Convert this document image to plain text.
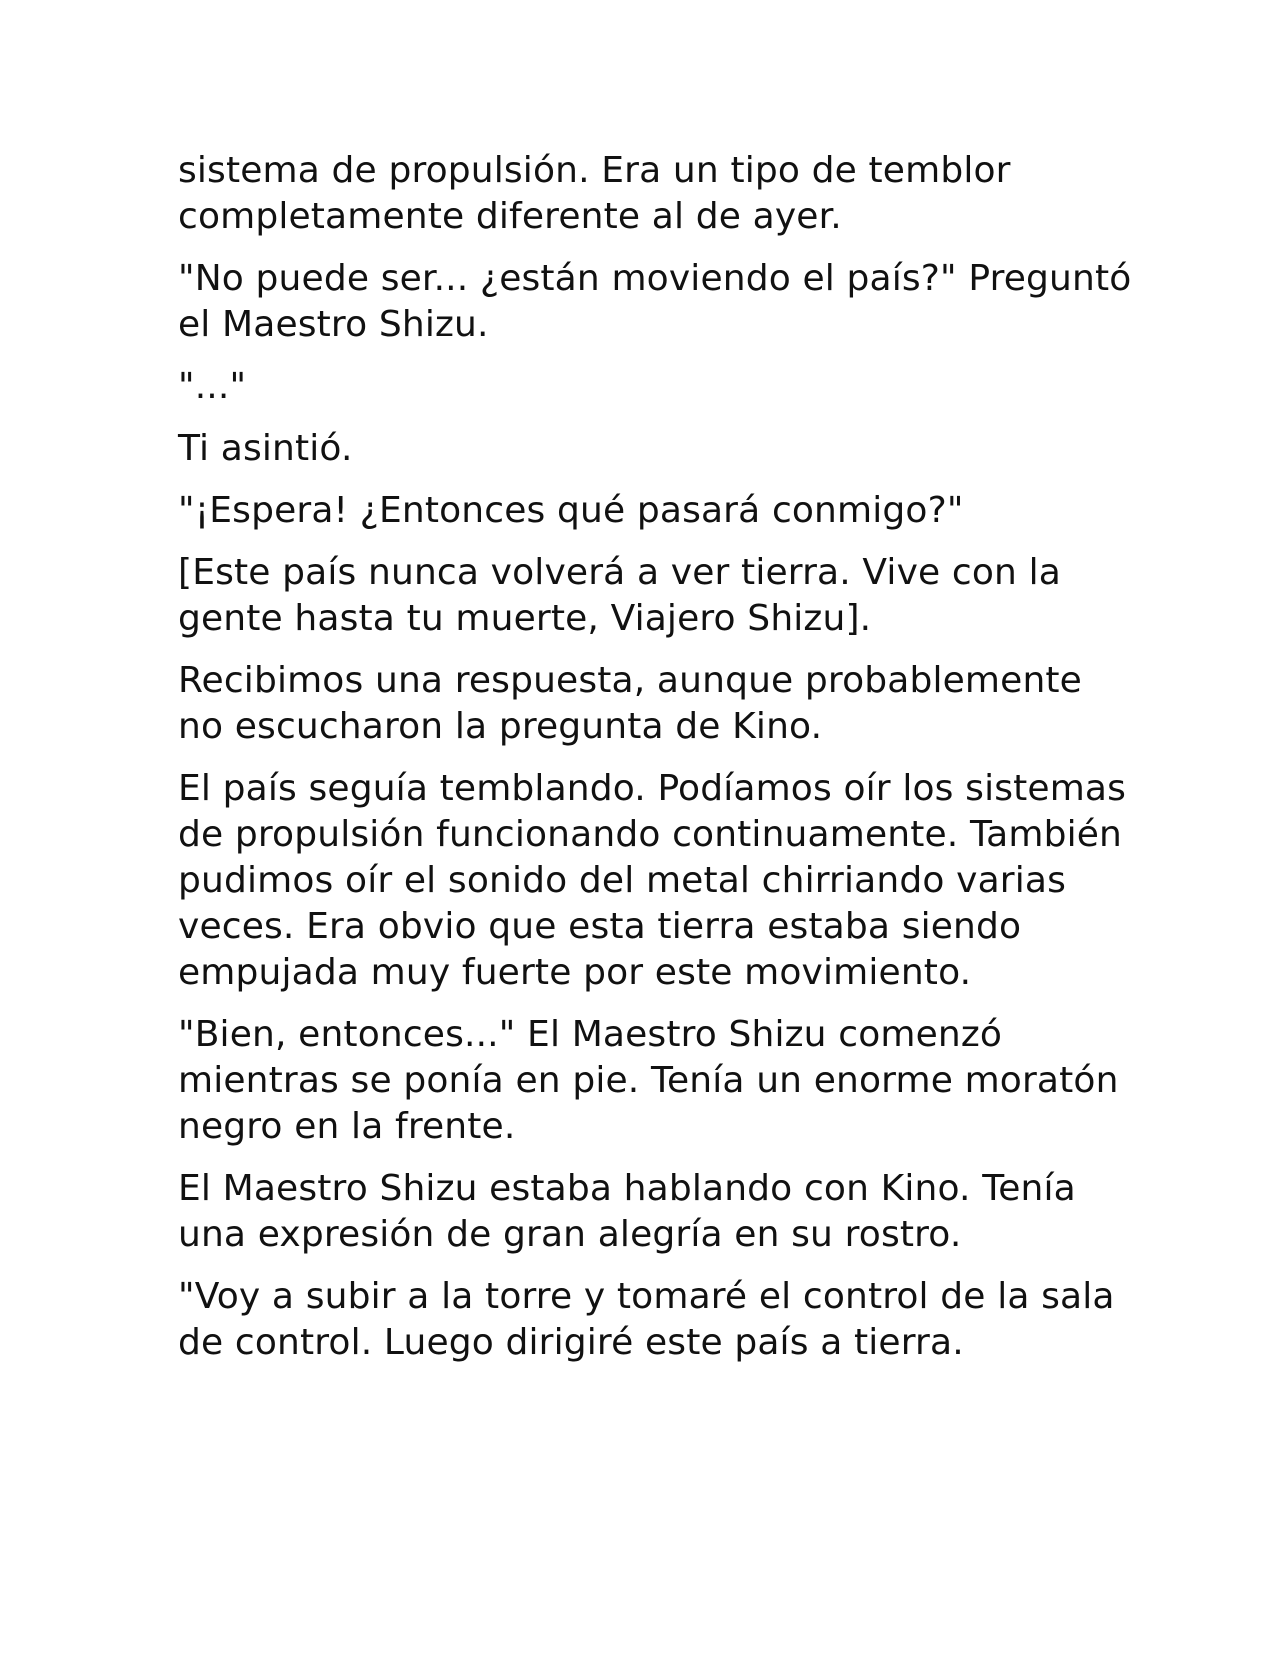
sistema de propulsión. Era un tipo de temblor completamente diferente al de ayer.

"No puede ser... ¿están moviendo el país?" Preguntó el Maestro Shizu.

"..."

Ti asintió.

"¡Espera! ¿Entonces qué pasará conmigo?"

[Este país nunca volverá a ver tierra. Vive con la gente hasta tu muerte, Viajero Shizu].

Recibimos una respuesta, aunque probablemente no escucharon la pregunta de Kino.

El país seguía temblando. Podíamos oír los sistemas de propulsión funcionando continuamente. También pudimos oír el sonido del metal chirriando varias veces. Era obvio que esta tierra estaba siendo empujada muy fuerte por este movimiento.

"Bien, entonces..." El Maestro Shizu comenzó mientras se ponía en pie. Tenía un enorme moratón negro en la frente.

El Maestro Shizu estaba hablando con Kino. Tenía una expresión de gran alegría en su rostro.

"Voy a subir a la torre y tomaré el control de la sala de control. Luego dirigiré este país a tierra.
